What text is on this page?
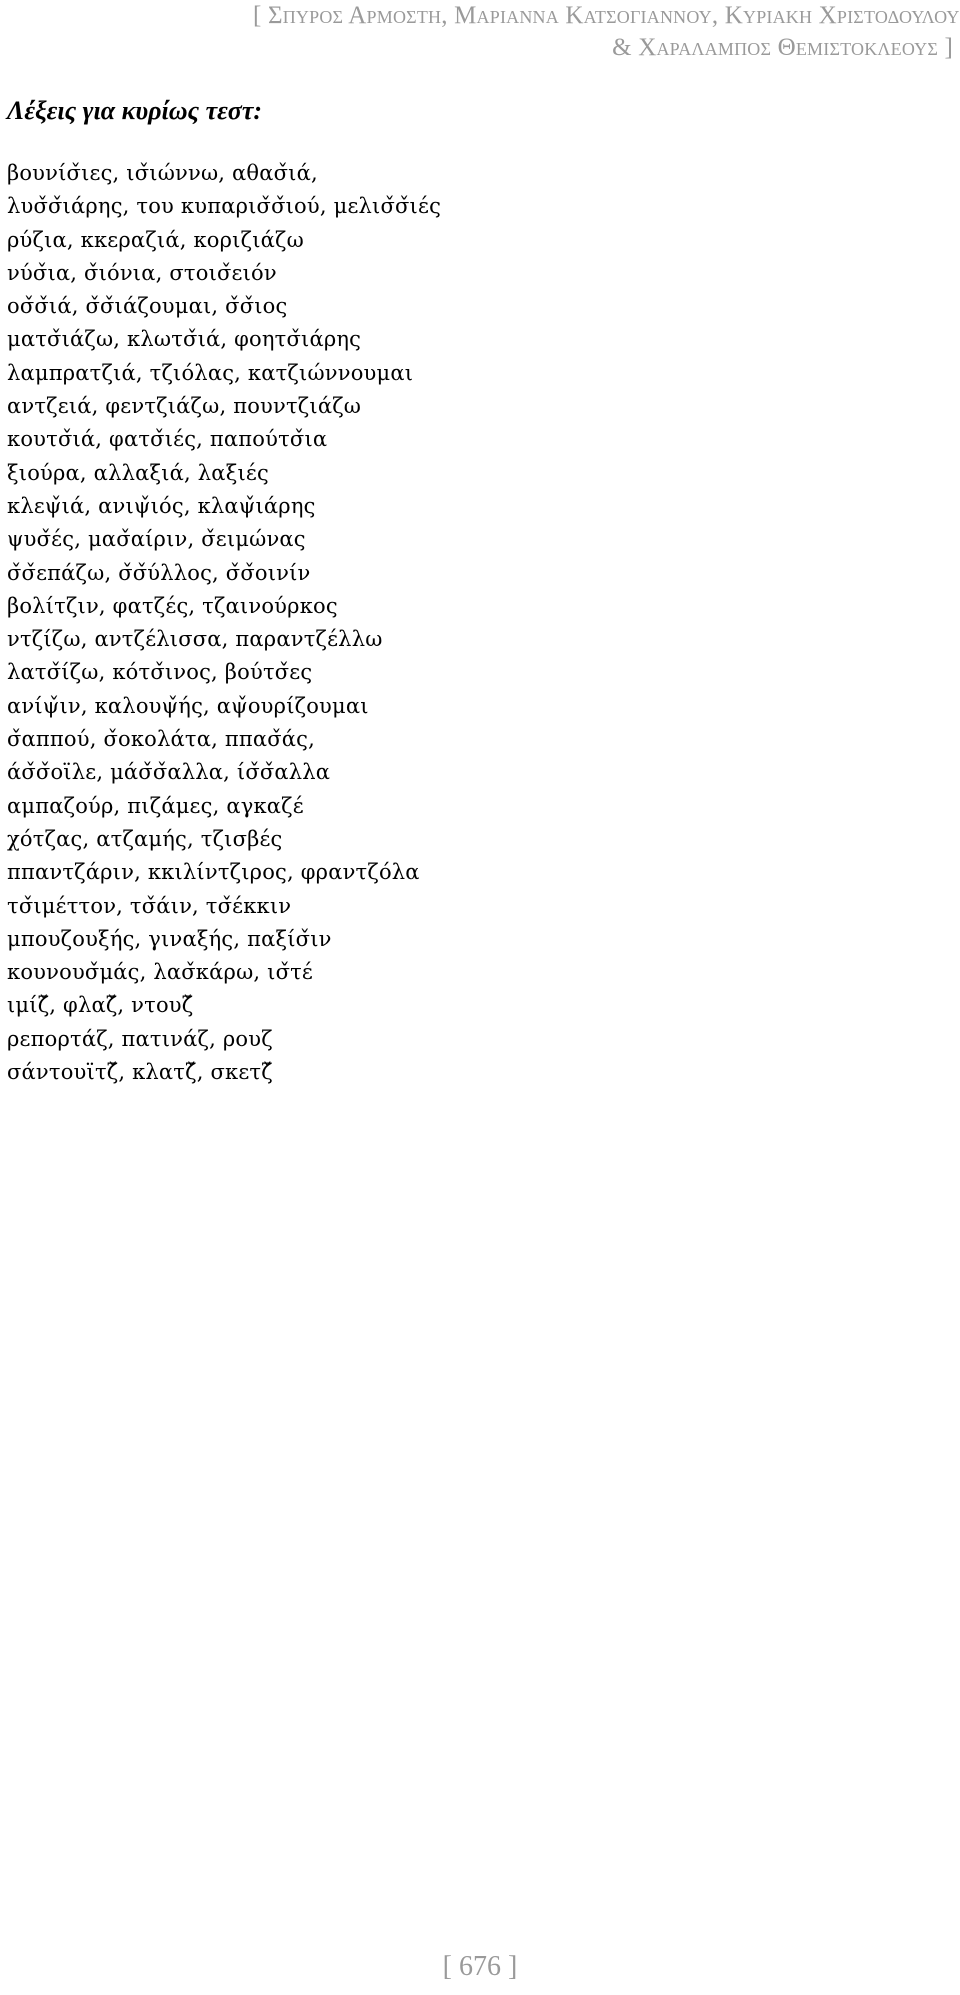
[ Σπυρος Αρμοστη, Μαριαννα Κατσογιαννου, Κυριακη Χριστοδουλου
& Χαραλαμπος Θεμιστοκλεους ]
Λέξεις για κυρίως τεστ:
βουνίσ̌ιες, ισ̌ιώννω, αθασ̌ιά,
λυσ̌σ̌ιάρης, του κυπαρισ̌σ̌ιού, μελισ̌σ̌ιές
ρύζια, κκεραζιά, κοριζιάζω
νύσ̌ια, σ̌ιόνια, στοισ̌ειόν
οσ̌σ̌ιά, σ̌σ̌ιάζουμαι, σ̌σ̌ιος
ματσ̌ιάζω, κλωτσ̌ιά, φοητσ̌ιάρης
λαμπρατζιά, τζιόλας, κατζιώννουμαι
αντζειά, φεντζιάζω, πουντζιάζω
κουτσ̌ιά, φατσ̌ιές, παπούτσ̌ια
ξιούρα, αλλαξιά, λαξιές
κλεψ̌ιά, ανιψ̌ιός, κλαψ̌ιάρης
ψυσ̌ές, μασ̌αίριν, σ̌ειμώνας
σ̌σ̌επάζω, σ̌σ̌ύλλος, σ̌σ̌οινίν
βολίτζιν, φατζές, τζαινούρκος
ντζίζω, αντζέλισσα, παραντζέλλω
λατσ̌ίζω, κότσ̌ινος, βούτσ̌ες
ανίψ̌ιν, καλουψ̌ής, αψ̌ουρίζουμαι
σ̌αππού, σ̌οκολάτα, ππασ̌άς,
άσ̌σ̌οϊλε, μάσ̌σ̌αλλα, ίσ̌σ̌αλλα
αμπαζούρ, πιζάμες, αγκαζέ
χότζας, ατζαμής, τζισβές
ππαντζάριν, κκιλίντζιρος, φραντζόλα
τσ̌ιμέττον, τσ̌άιν, τσ̌έκκιν
μπουζουξής, γιναξής, παξίσ̌ιν
κουνουσ̌μάς, λασ̌κάρω, ισ̌τέ
ιμίζ̌, φλαζ̌, ντουζ̌
ρεπορτάζ, πατινάζ, ρουζ
σάντουϊτζ̌, κλατζ̌, σκετζ̌
[ 676 ]
